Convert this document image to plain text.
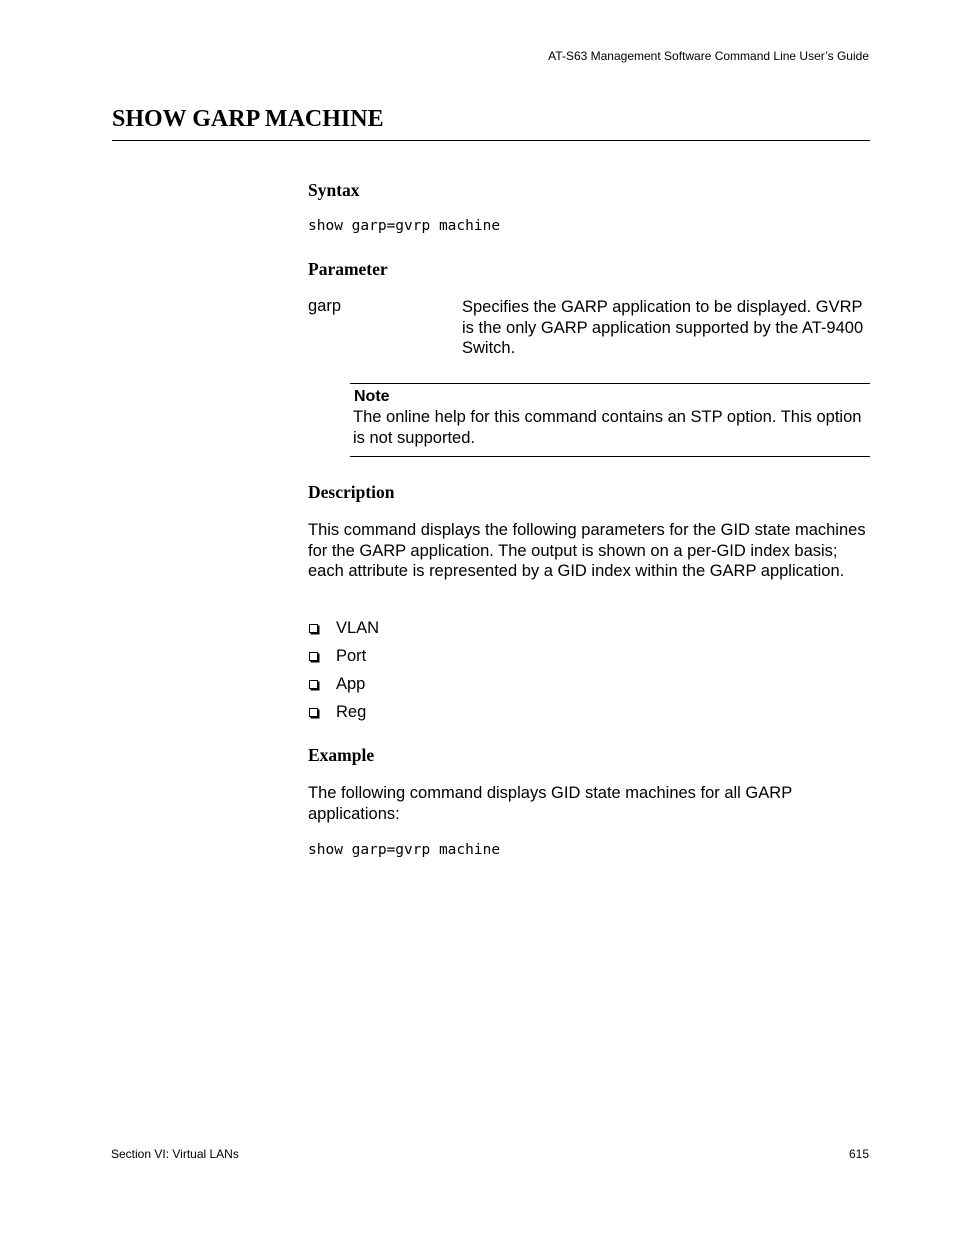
AT-S63 Management Software Command Line User’s Guide
SHOW GARP MACHINE
Syntax
show garp=gvrp machine
Parameter
garp	Specifies the GARP application to be displayed. GVRP is the only GARP application supported by the AT-9400 Switch.
Note
The online help for this command contains an STP option. This option is not supported.
Description
This command displays the following parameters for the GID state machines for the GARP application. The output is shown on a per-GID index basis; each attribute is represented by a GID index within the GARP application.
VLAN
Port
App
Reg
Example
The following command displays GID state machines for all GARP applications:
show garp=gvrp machine
Section VI: Virtual LANs	615
